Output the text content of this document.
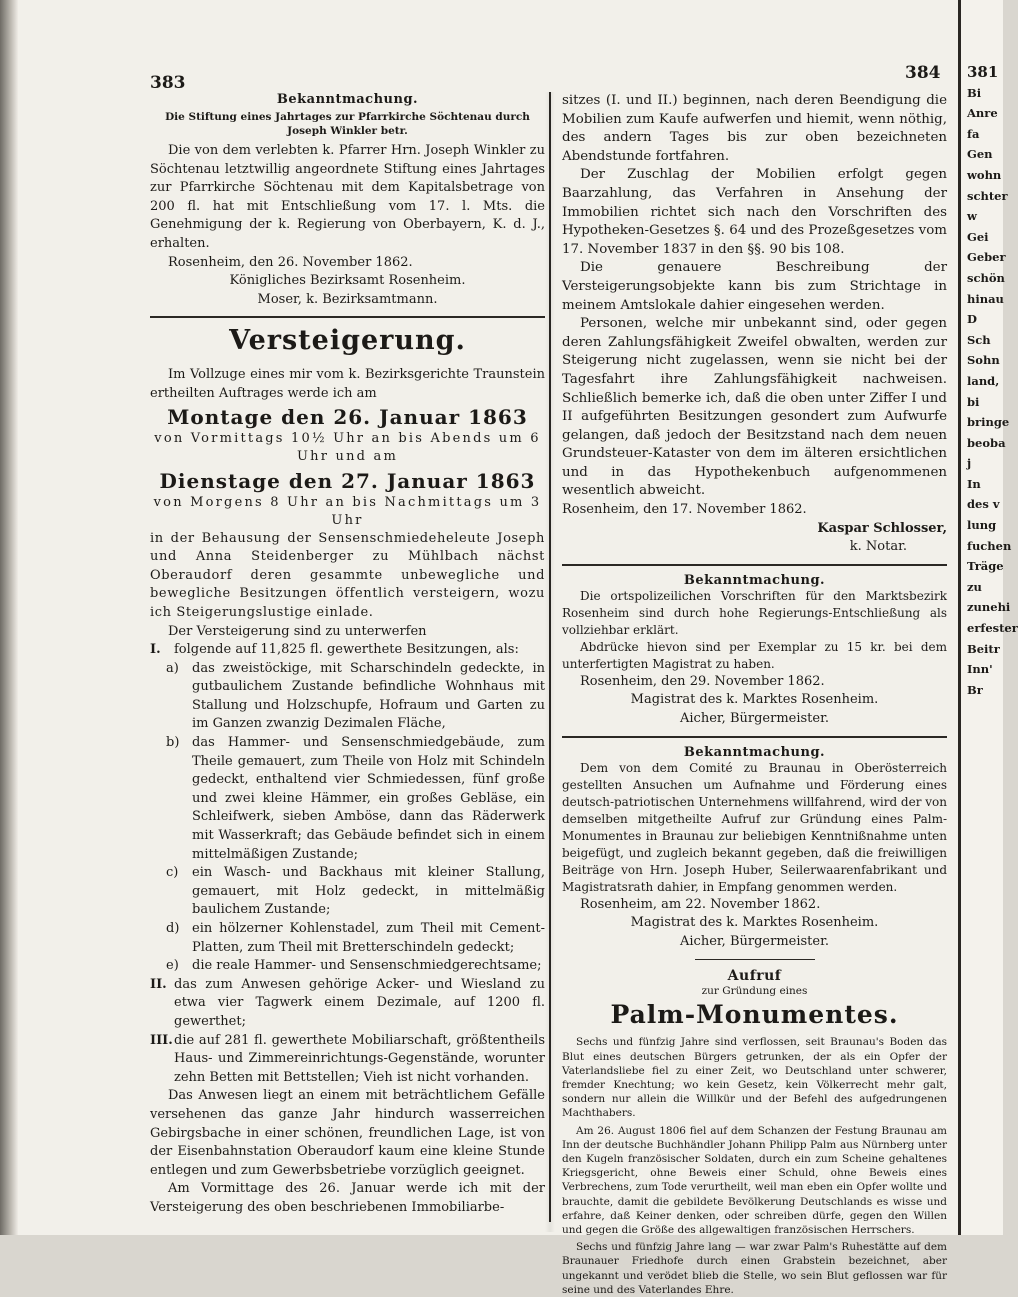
383	384
Bekanntmachung.
Die Stiftung eines Jahrtages zur Pfarrkirche Söchtenau durch Joseph Winkler betr.

Die von dem verlebten k. Pfarrer Hrn. Joseph Winkler zu Söchtenau letztwillig angeordnete Stiftung eines Jahrtages zur Pfarrkirche Söchtenau mit dem Kapitalsbetrage von 200 fl. hat mit Entschließung vom 17. l. Mts. die Genehmigung der k. Regierung von Oberbayern, K. d. J., erhalten.

Rosenheim, den 26. November 1862.
Königliches Bezirksamt Rosenheim.
Moser, k. Bezirksamtmann.
Versteigerung.

Im Vollzuge eines mir vom k. Bezirksgerichte Traunstein ertheilten Auftrages werde ich am

Montage den 26. Januar 1863
von Vormittags 10½ Uhr an bis Abends um 6 Uhr und am
Dienstage den 27. Januar 1863
von Morgens 8 Uhr an bis Nachmittags um 3 Uhr

in der Behausung der Sensenschmiedeheleute Joseph und Anna Steidenberger zu Mühlbach nächst Oberaudorf deren gesammte unbewegliche und bewegliche Besitzungen öffentlich versteigern, wozu ich Steigerungslustige einlade.

Der Versteigerung sind zu unterwerfen

I.	folgende auf 11,825 fl. gewerthete Besitzungen, als:
a)	das zweistöckige, mit Scharschindeln gedeckte, in gutbaulichem Zustande befindliche Wohnhaus mit Stallung und Holzschupfe, Hofraum und Garten zu im Ganzen zwanzig Dezimalen Fläche,
b) das Hammer- und Sensenschmiedgebäude, zum Theile gemauert, zum Theile von Holz mit Schindeln gedeckt, enthaltend vier Schmiedessen, fünf große und zwei kleine Hämmer, ein großes Gebläse, ein Schleifwerk, sieben Amböse, dann das Räderwerk mit Wasserkraft; das Gebäude befindet sich in einem mittelmäßigen Zustande;
c)	ein Wasch- und Backhaus mit kleiner Stallung, gemauert, mit Holz gedeckt, in mittelmäßig baulichem Zustande;
d) ein hölzerner Kohlenstadel, zum Theil mit Cement-Platten, zum Theil mit Bretterschindeln gedeckt;
e)	die reale Hammer- und Sensenschmiedgerechtsame;
II. das zum Anwesen gehörige Acker- und Wiesland zu etwa vier Tagwerk einem Dezimale, auf 1200 fl. gewerthet;
III. die auf 281 fl. gewerthete Mobiliarschaft, größtentheils Haus- und Zimmereinrichtungs-Gegenstände, worunter zehn Betten mit Bettstellen; Vieh ist nicht vorhanden.

Das Anwesen liegt an einem mit beträchtlichem Gefälle versehenen das ganze Jahr hindurch wasserreichen Gebirgsbache in einer schönen, freundlichen Lage, ist von der Eisenbahnstation Oberaudorf kaum eine kleine Stunde entlegen und zum Gewerbsbetriebe vorzüglich geeignet.

Am Vormittage des 26. Januar werde ich mit der Versteigerung des oben beschriebenen Immobiliarbe-

sitzes (I. und II.) beginnen, nach deren Beendigung die Mobilien zum Kaufe aufwerfen und hiemit, wenn nöthig, des andern Tages bis zur oben bezeichneten Abendstunde fortfahren.

Der Zuschlag der Mobilien erfolgt gegen Baarzahlung, das Verfahren in Ansehung der Immobilien richtet sich nach den Vorschriften des Hypotheken-Gesetzes §. 64 und des Prozeßgesetzes vom 17. November 1837 in den §§. 90 bis 108.

Die genauere Beschreibung der Versteigerungsobjekte kann bis zum Strichtage in meinem Amtslokale dahier eingesehen werden.

Personen, welche mir unbekannt sind, oder gegen deren Zahlungsfähigkeit Zweifel obwalten, werden zur Steigerung nicht zugelassen, wenn sie nicht bei der Tagesfahrt ihre Zahlungsfähigkeit nachweisen. Schließlich bemerke ich, daß die oben unter Ziffer I und II aufgeführten Besitzungen gesondert zum Aufwurfe gelangen, daß jedoch der Besitzstand nach dem neuen Grundsteuer-Kataster von dem im älteren ersichtlichen und in das Hypothekenbuch aufgenommenen wesentlich abweicht.

Rosenheim, den 17. November 1862.
Kaspar Schlosser,
k. Notar.
Bekanntmachung.

Die ortspolizeilichen Vorschriften für den Marktsbezirk Rosenheim sind durch hohe Regierungs-Entschließung als vollziehbar erklärt.

Abdrücke hievon sind per Exemplar zu 15 kr. bei dem unterfertigten Magistrat zu haben.

Rosenheim, den 29. November 1862.
Magistrat des k. Marktes Rosenheim.
Aicher, Bürgermeister.
Bekanntmachung.

Dem von dem Comité zu Braunau in Oberösterreich gestellten Ansuchen um Aufnahme und Förderung eines deutsch-patriotischen Unternehmens willfahrend, wird der von demselben mitgetheilte Aufruf zur Gründung eines Palm-Monumentes in Braunau zur beliebigen Kenntnißnahme unten beigefügt, und zugleich bekannt gegeben, daß die freiwilligen Beiträge von Hrn. Joseph Huber, Seilerwaarenfabrikant und Magistratsrath dahier, in Empfang genommen werden.

Rosenheim, am 22. November 1862.
Magistrat des k. Marktes Rosenheim.
Aicher, Bürgermeister.
Aufruf
zur Gründung eines
Palm-Monumentes.

Sechs und fünfzig Jahre sind verflossen, seit Braunau's Boden das Blut eines deutschen Bürgers getrunken, der als ein Opfer der Vaterlandsliebe fiel zu einer Zeit, wo Deutschland unter schwerer, fremder Knechtung; wo kein Gesetz, kein Völkerrecht mehr galt, sondern nur allein die Willkür und der Befehl des aufgedrungenen Machthabers.

Am 26. August 1806 fiel auf dem Schanzen der Festung Braunau am Inn der deutsche Buchhändler Johann Philipp Palm aus Nürnberg unter den Kugeln französischer Soldaten, durch ein zum Scheine gehaltenes Kriegsgericht, ohne Beweis einer Schuld, ohne Beweis eines Verbrechens, zum Tode verurtheilt, weil man eben ein Opfer wollte und brauchte, damit die gebildete Bevölkerung Deutschlands es wisse und erfahre, daß Keiner denken, oder schreiben dürfe, gegen den Willen und gegen die Größe des allgewaltigen französischen Herrschers.

Sechs und fünfzig Jahre lang — war zwar Palm's Ruhestätte auf dem Braunauer Friedhofe durch einen Grabstein bezeichnet, aber ungekannt und verödet blieb die Stelle, wo sein Blut geflossen war für seine und des Vaterlandes Ehre.

381
Bi
Anre
fa
Gen
wohn
schter
w
Gei
Geber
schön
hinau
D
Sch
Sohn
land,
bi
bringe
beoba
j
In
des v
lung
fuchen
Träge
zu
zunehi
erfester
Beitr
Inn'
Br
